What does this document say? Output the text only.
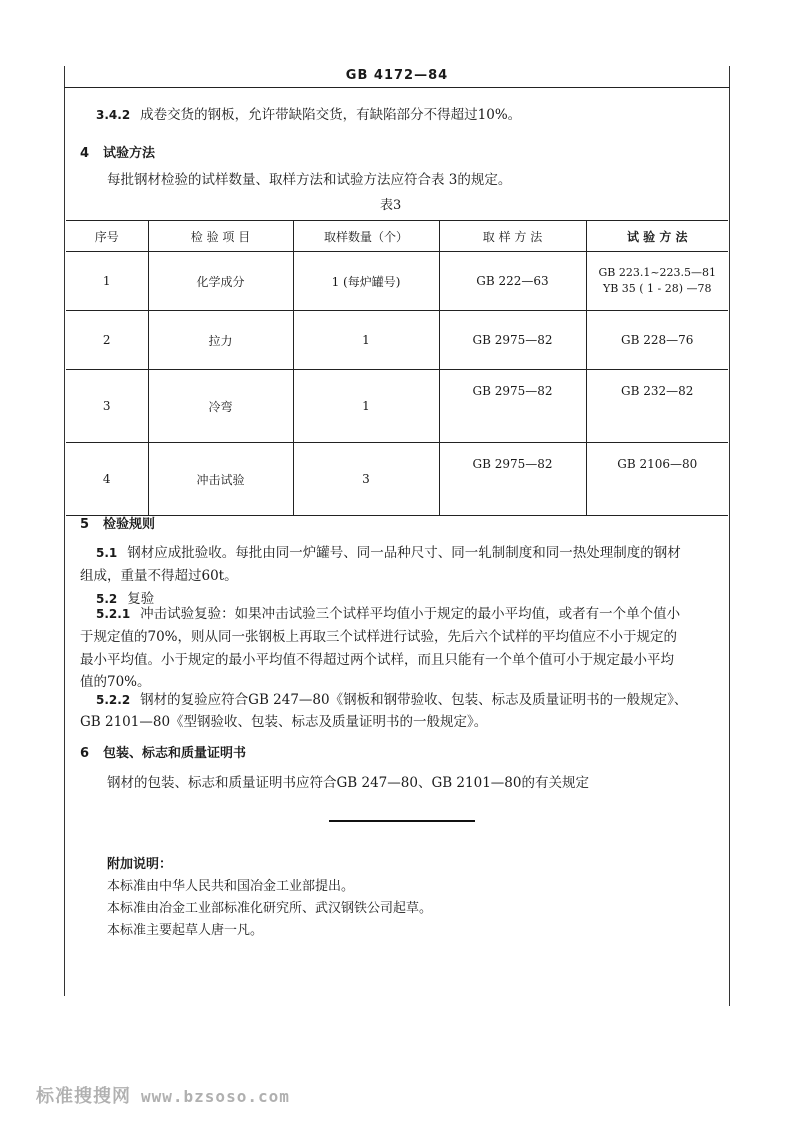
GB 4172—84
3.4.2 成卷交货的钢板，允许带缺陷交货，有缺陷部分不得超过10%。
4 试验方法
每批钢材检验的试样数量、取样方法和试验方法应符合表 3的规定。
表3
序号	检 验 项 目	取样数量（个）	取 样 方 法	试 验 方 法
1	化学成分	1 (每炉罐号)	GB 222—63	GB 223.1~223.5—81
YB 35 ( 1 - 28) —78

2	拉力	1	GB 2975—82	GB 228—76
3	冷弯	1	GB 2975—82	GB 232—82
4	冲击试验	3	GB 2975—82	GB 2106—80
5 检验规则
5.1 钢材应成批验收。每批由同一炉罐号、同一品种尺寸、同一轧制制度和同一热处理制度的钢材
组成，重量不得超过60t。
5.2 复验
5.2.1 冲击试验复验：如果冲击试验三个试样平均值小于规定的最小平均值，或者有一个单个值小
于规定值的70%，则从同一张钢板上再取三个试样进行试验，先后六个试样的平均值应不小于规定的
最小平均值。小于规定的最小平均值不得超过两个试样，而且只能有一个单个值可小于规定最小平均
值的70%。
5.2.2 钢材的复验应符合GB 247—80《钢板和钢带验收、包装、标志及质量证明书的一般规定》、
GB 2101—80《型钢验收、包装、标志及质量证明书的一般规定》。
6 包装、标志和质量证明书
钢材的包装、标志和质量证明书应符合GB 247—80、GB 2101—80的有关规定
附加说明：
本标准由中华人民共和国冶金工业部提出。
本标准由冶金工业部标准化研究所、武汉钢铁公司起草。
本标准主要起草人唐一凡。
标准搜搜网 www.bzsoso.com
